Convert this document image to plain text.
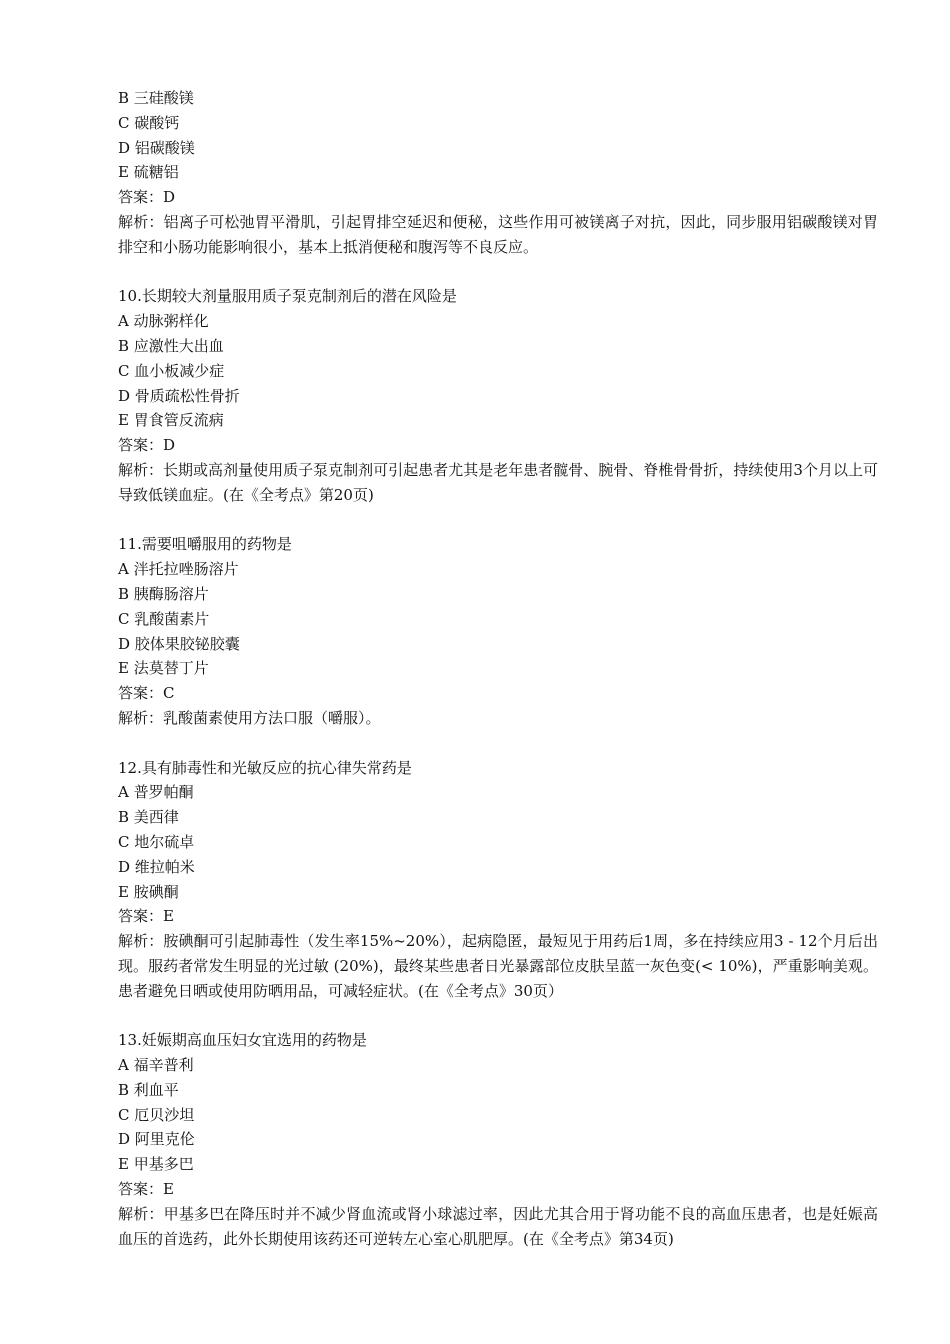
B 三硅酸镁
C 碳酸钙
D 铝碳酸镁
E 硫糖铝
答案：D
解析：铝离子可松弛胃平滑肌，引起胃排空延迟和便秘，这些作用可被镁离子对抗，因此，同步服用铝碳酸镁对胃排空和小肠功能影响很小，基本上抵消便秘和腹泻等不良反应。
10.长期较大剂量服用质子泵克制剂后的潜在风险是
A 动脉粥样化
B 应激性大出血
C 血小板减少症
D 骨质疏松性骨折
E 胃食管反流病
答案：D
解析：长期或高剂量使用质子泵克制剂可引起患者尤其是老年患者髋骨、腕骨、脊椎骨骨折，持续使用3个月以上可导致低镁血症。(在《全考点》第20页)
11.需要咀嚼服用的药物是
A 泮托拉唑肠溶片
B 胰酶肠溶片
C 乳酸菌素片
D 胶体果胶铋胶囊
E 法莫替丁片
答案：C
解析：乳酸菌素使用方法口服（嚼服）。
12.具有肺毒性和光敏反应的抗心律失常药是
A 普罗帕酮
B 美西律
C 地尔硫卓
D 维拉帕米
E 胺碘酮
答案：E
解析：胺碘酮可引起肺毒性（发生率15%~20%），起病隐匿，最短见于用药后1周，多在持续应用3 - 12个月后出现。服药者常发生明显的光过敏 (20%)，最终某些患者日光暴露部位皮肤呈蓝一灰色变(< 10%)，严重影响美观。患者避免日晒或使用防晒用品，可减轻症状。(在《全考点》30页）
13.妊娠期高血压妇女宜选用的药物是
A 福辛普利
B 利血平
C 厄贝沙坦
D 阿里克伦
E 甲基多巴
答案：E
解析：甲基多巴在降压时并不减少肾血流或肾小球滤过率，因此尤其合用于肾功能不良的高血压患者，也是妊娠高血压的首选药，此外长期使用该药还可逆转左心室心肌肥厚。(在《全考点》第34页)
